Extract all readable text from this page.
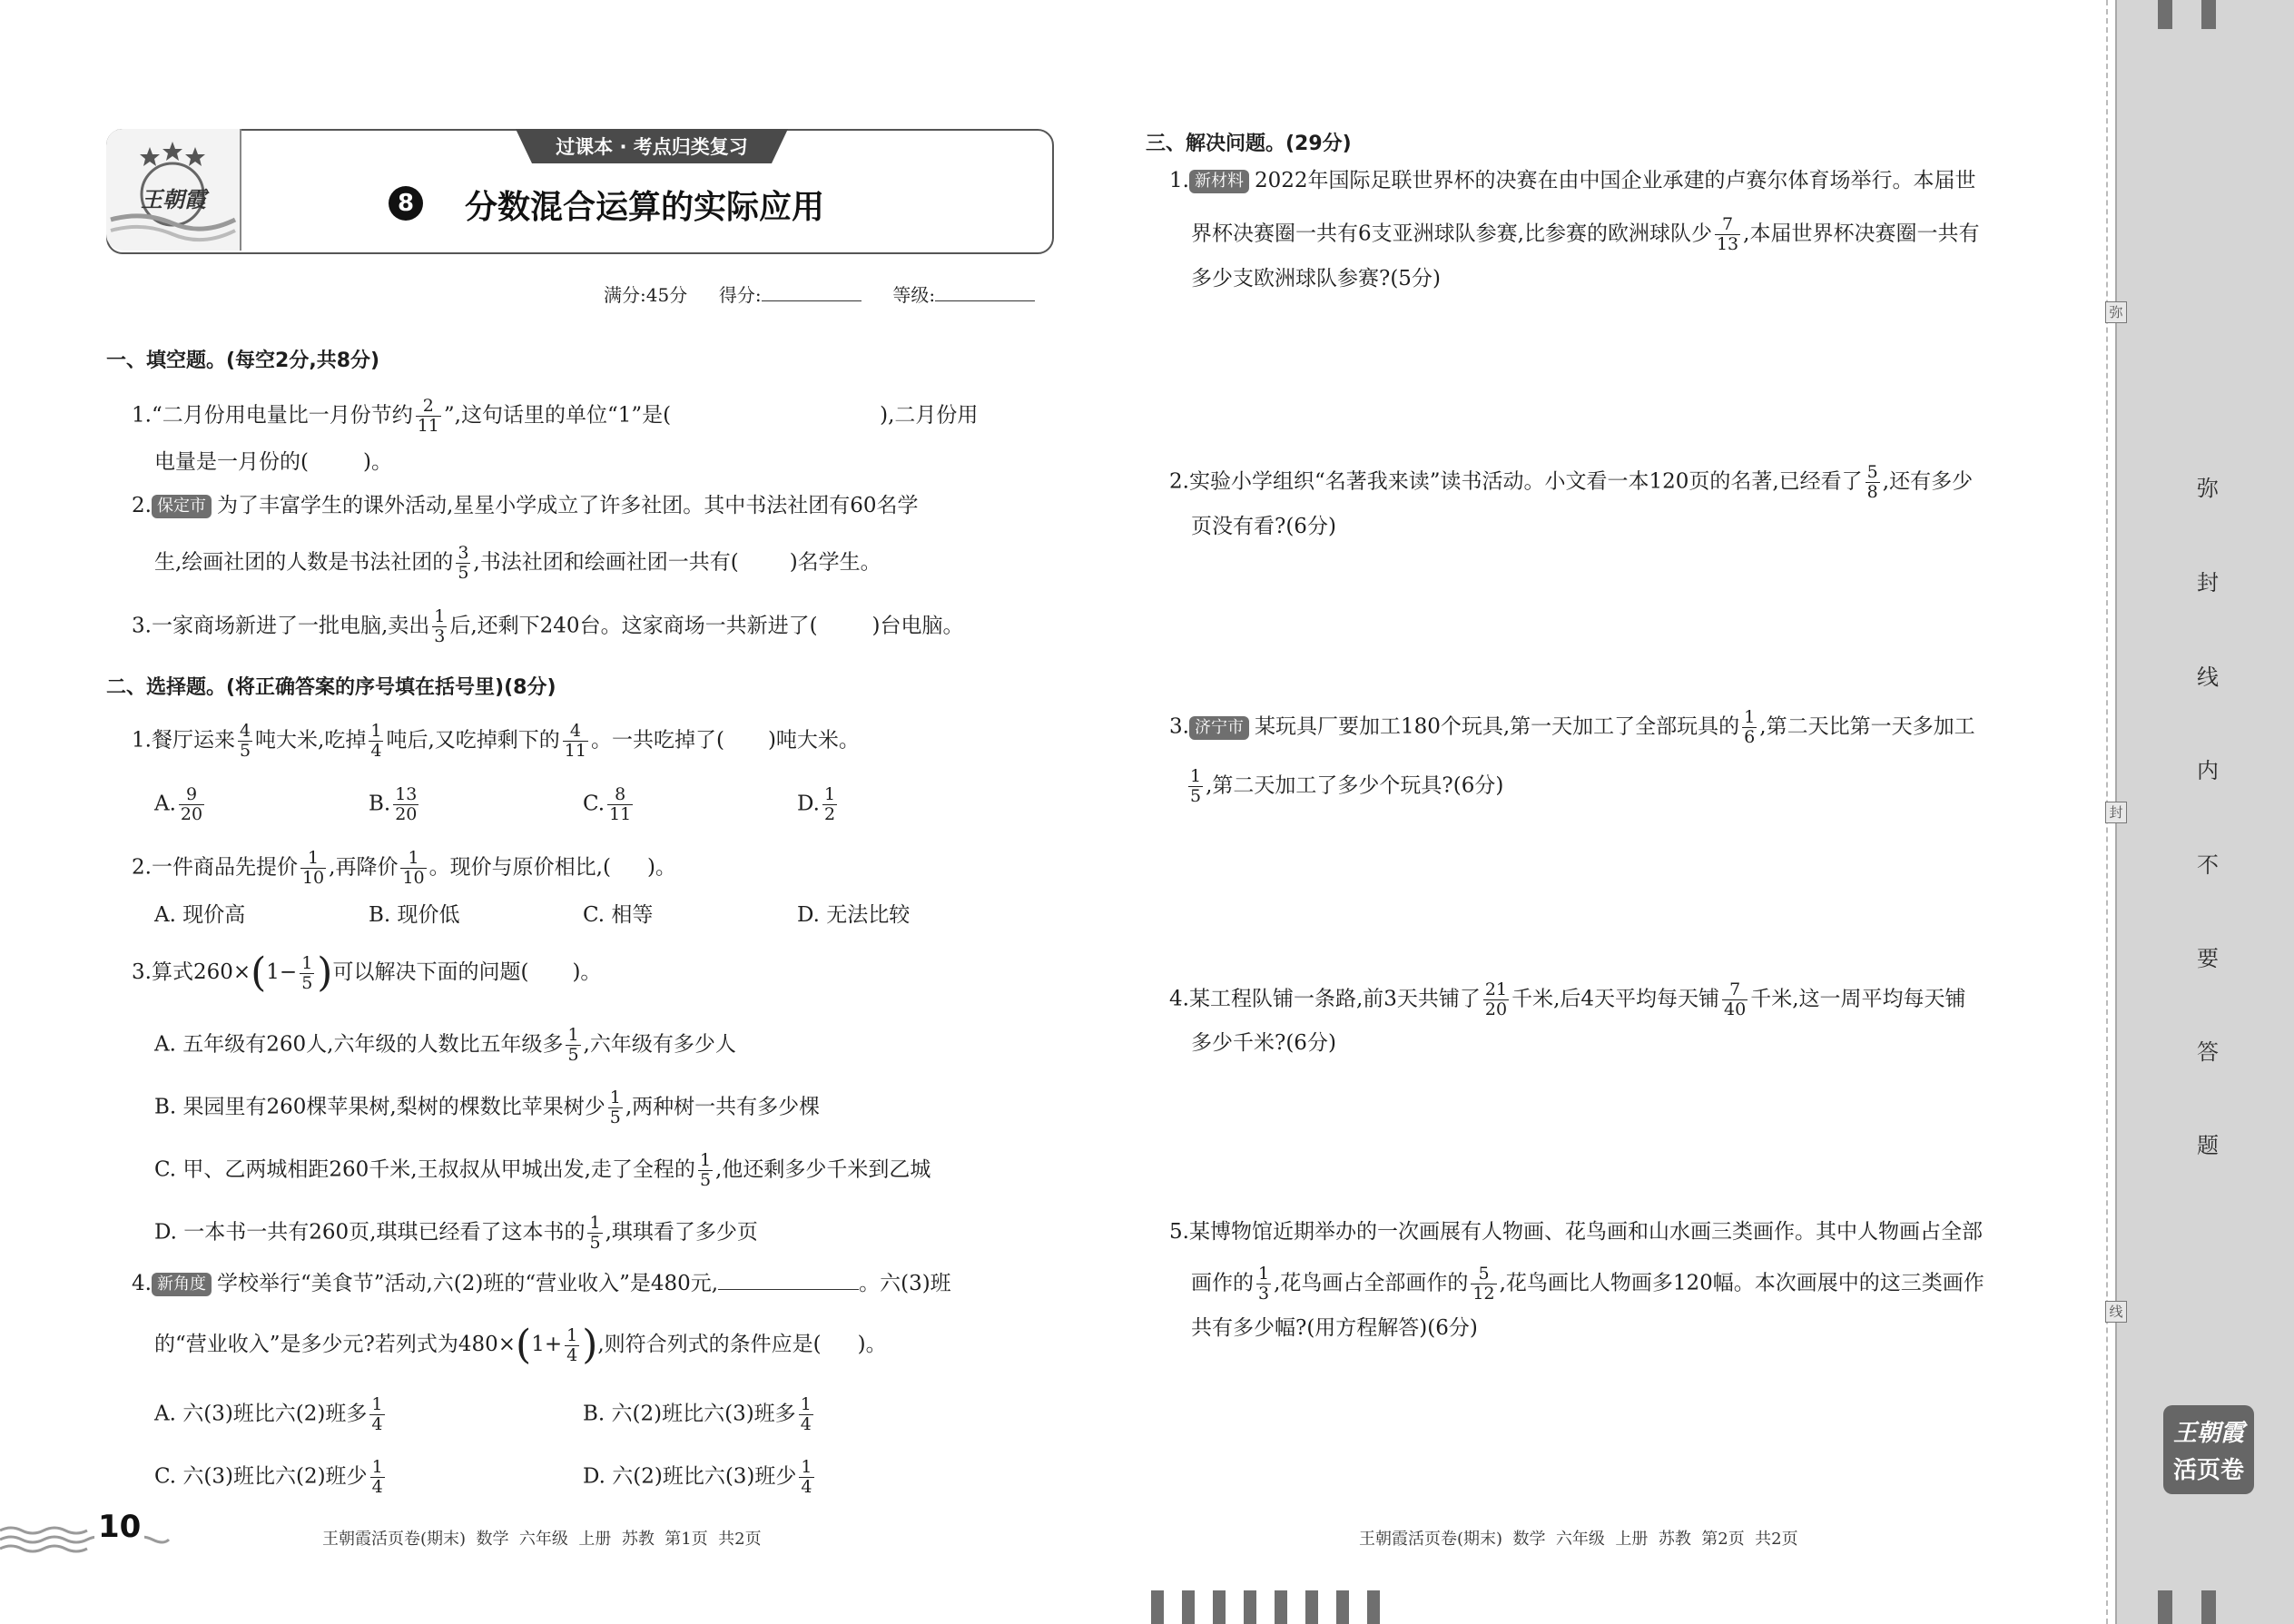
王朝霞
过课本 · 考点归类复习
8 分数混合运算的实际应用
满分:45分 得分:	等级:
一、填空题。(每空2分,共8分)
1.“二月份用电量比一月份节约 $\frac{2}{11}$ ”,这句话里的单位“1”是(	),二月份用
电量是一月份的(	)。
2. 保定市 为了丰富学生的课外活动,星星小学成立了许多社团。其中书法社团有60名学
生,绘画社团的人数是书法社团的 $\frac{3}{5}$ ,书法社团和绘画社团一共有( )名学生。
3.一家商场新进了一批电脑,卖出 $\frac{1}{3}$ 后,还剩下240台。这家商场一共新进了(	)台电脑。
二、选择题。(将正确答案的序号填在括号里)(8分)
1.餐厅运来 $\frac{4}{5}$ 吨大米,吃掉 $\frac{1}{4}$ 吨后,又吃掉剩下的 $\frac{4}{11}$ 。一共吃掉了( )吨大米。
A. $\frac{9}{20}$	B. $\frac{13}{20}$	C. $\frac{8}{11}$	D. $\frac{1}{2}$
2.一件商品先提价 $\frac{1}{10}$ ,再降价 $\frac{1}{10}$ 。现价与原价相比,( )。
A. 现价高	B. 现价低	C. 相等	D. 无法比较
3.算式$260\times(1- \frac{1}{5}$ )可以解决下面的问题( )。
A. 五年级有260人,六年级的人数比五年级多 $\frac{1}{5}$ ,六年级有多少人
B. 果园里有260棵苹果树,梨树的棵数比苹果树少 $\frac{1}{5}$ ,两种树一共有多少棵
C. 甲、乙两城相距260千米,王叔叔从甲城出发,走了全程的 $\frac{1}{5}$ ,他还剩多少千米到乙城
D. 一本书一共有260页,琪琪已经看了这本书的 $\frac{1}{5}$ ,琪琪看了多少页
4. 新角度 学校举行“美食节”活动,六(2)班的“营业收入”是480元,	。六(3)班
的“营业收入”是多少元?若列式为$480\times(1+ \frac{1}{4}$ ),则符合列式的条件应是( )。
A. 六(3)班比六(2)班多 $\frac{1}{4}$	B. 六(2)班比六(3)班多 $\frac{1}{4}$
C. 六(3)班比六(2)班少 $\frac{1}{4}$	D. 六(2)班比六(3)班少 $\frac{1}{4}$
三、解决问题。(29分)
1. 新材料 2022年国际足联世界杯的决赛在由中国企业承建的卢赛尔体育场举行。本届世
界杯决赛圈一共有6支亚洲球队参赛,比参赛的欧洲球队少 $\frac{7}{13}$ ,本届世界杯决赛圈一共有
多少支欧洲球队参赛?(5分)
2.实验小学组织“名著我来读”读书活动。小文看一本120页的名著,已经看了 $\frac{5}{8}$ ,还有多少
页没有看?(6分)
3. 济宁市 某玩具厂要加工180个玩具,第一天加工了全部玩具的 $\frac{1}{6}$ ,第二天比第一天多加工
$\frac{1}{5}$ ,第二天加工了多少个玩具?(6分)
4.某工程队铺一条路,前3天共铺了 $\frac{21}{20}$ 千米,后4天平均每天铺 $\frac{7}{40}$ 千米,这一周平均每天铺
多少千米?(6分)
5.某博物馆近期举办的一次画展有人物画、花鸟画和山水画三类画作。其中人物画占全部
画作的 $\frac{1}{3}$ ,花鸟画占全部画作的 $\frac{5}{12}$ ,花鸟画比人物画多120幅。本次画展中的这三类画作
共有多少幅?(用方程解答)(6分)
10	王朝霞活页卷(期末)  数学  六年级  上册  苏教  第1页  共2页	王朝霞活页卷(期末)  数学  六年级  上册  苏教  第2页  共2页
弥
封
线
弥
封
线
内
不
要
答
题
王朝霞
活页卷
